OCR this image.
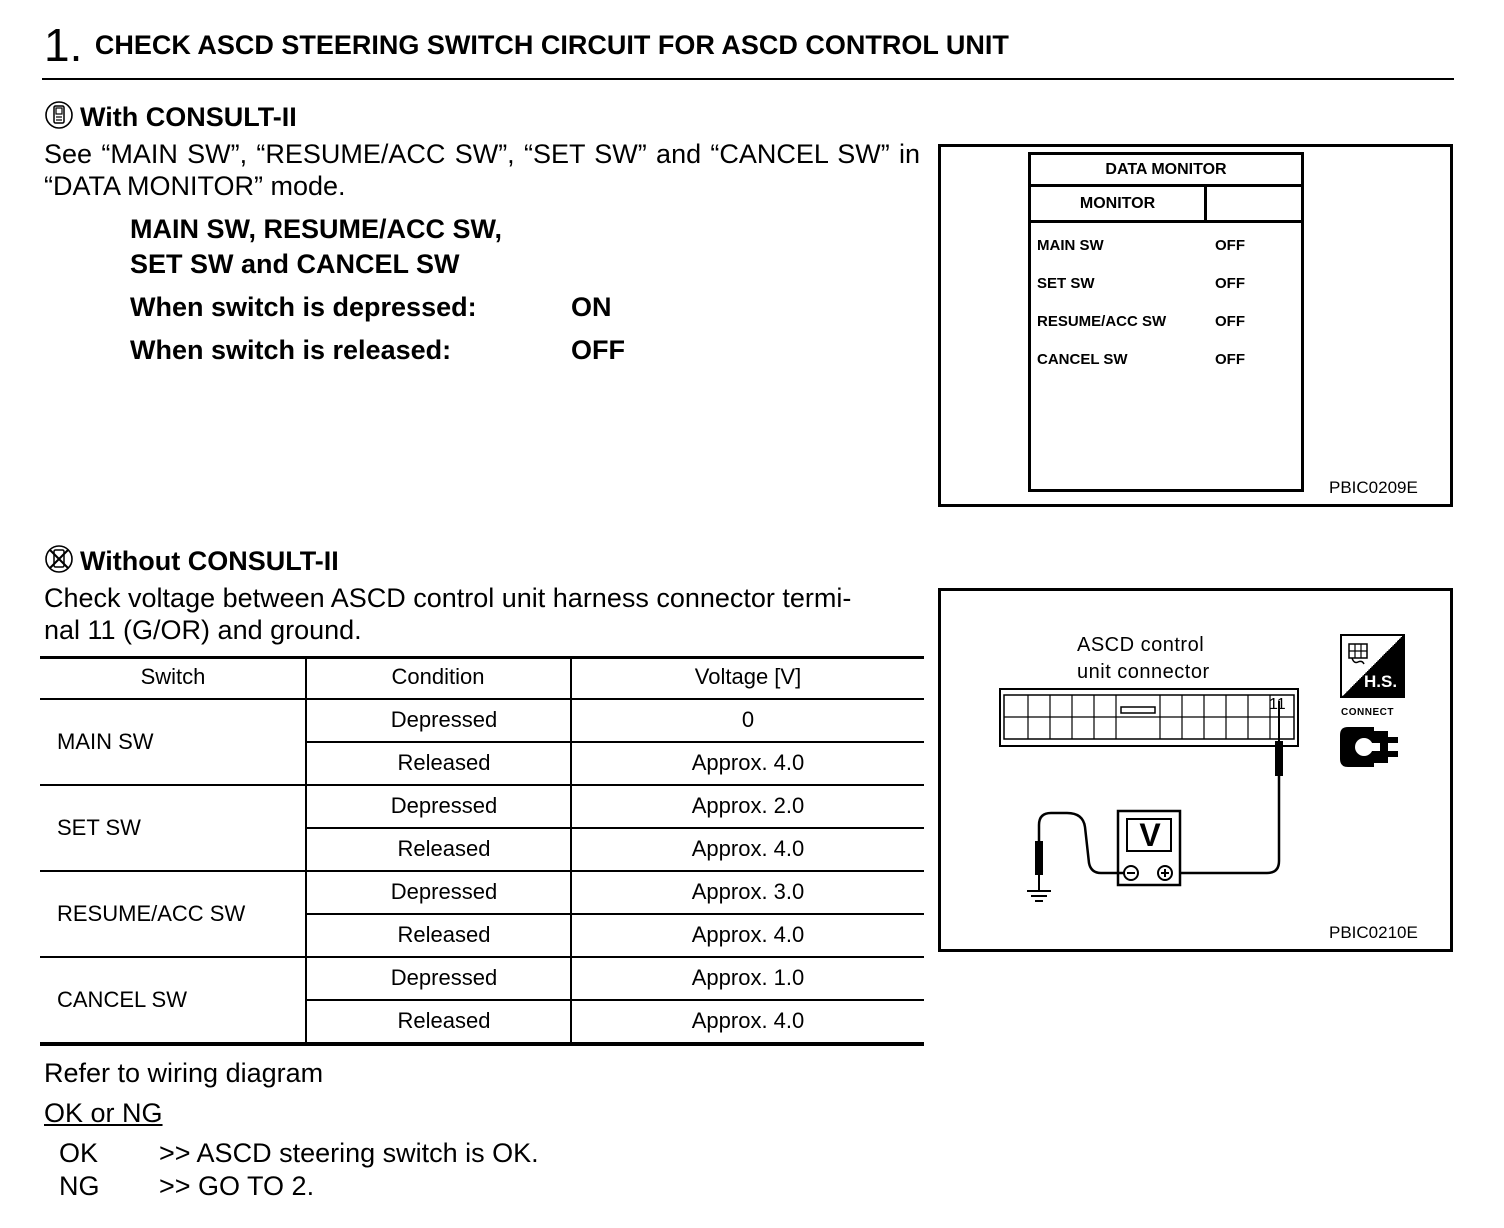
1. CHECK ASCD STEERING SWITCH CIRCUIT FOR ASCD CONTROL UNIT
With CONSULT-II
See “MAIN SW”, “RESUME/ACC SW”, “SET SW” and “CANCEL SW” in “DATA MONITOR” mode.
MAIN SW, RESUME/ACC SW,
SET SW and CANCEL SW
When switch is depressed:	ON
When switch is released:	OFF
DATA MONITOR
MONITOR
MAIN SW	OFF
SET SW	OFF
RESUME/ACC SW	OFF
CANCEL SW	OFF
PBIC0209E
Without CONSULT-II
Check voltage between ASCD control unit harness connector termi-
nal 11 (G/OR) and ground.
Switch	Condition	Voltage [V]
MAIN SW
Depressed	0
Released	Approx. 4.0
SET SW
Depressed	Approx. 2.0
Released	Approx. 4.0
RESUME/ACC SW
Depressed	Approx. 3.0
Released	Approx. 4.0
CANCEL SW
Depressed	Approx. 1.0
Released	Approx. 4.0
ASCD control
unit connector
11
V
H.S.
CONNECT
PBIC0210E
Refer to wiring diagram
OK or NG
OK >> ASCD steering switch is OK.
NG >> GO TO 2.
